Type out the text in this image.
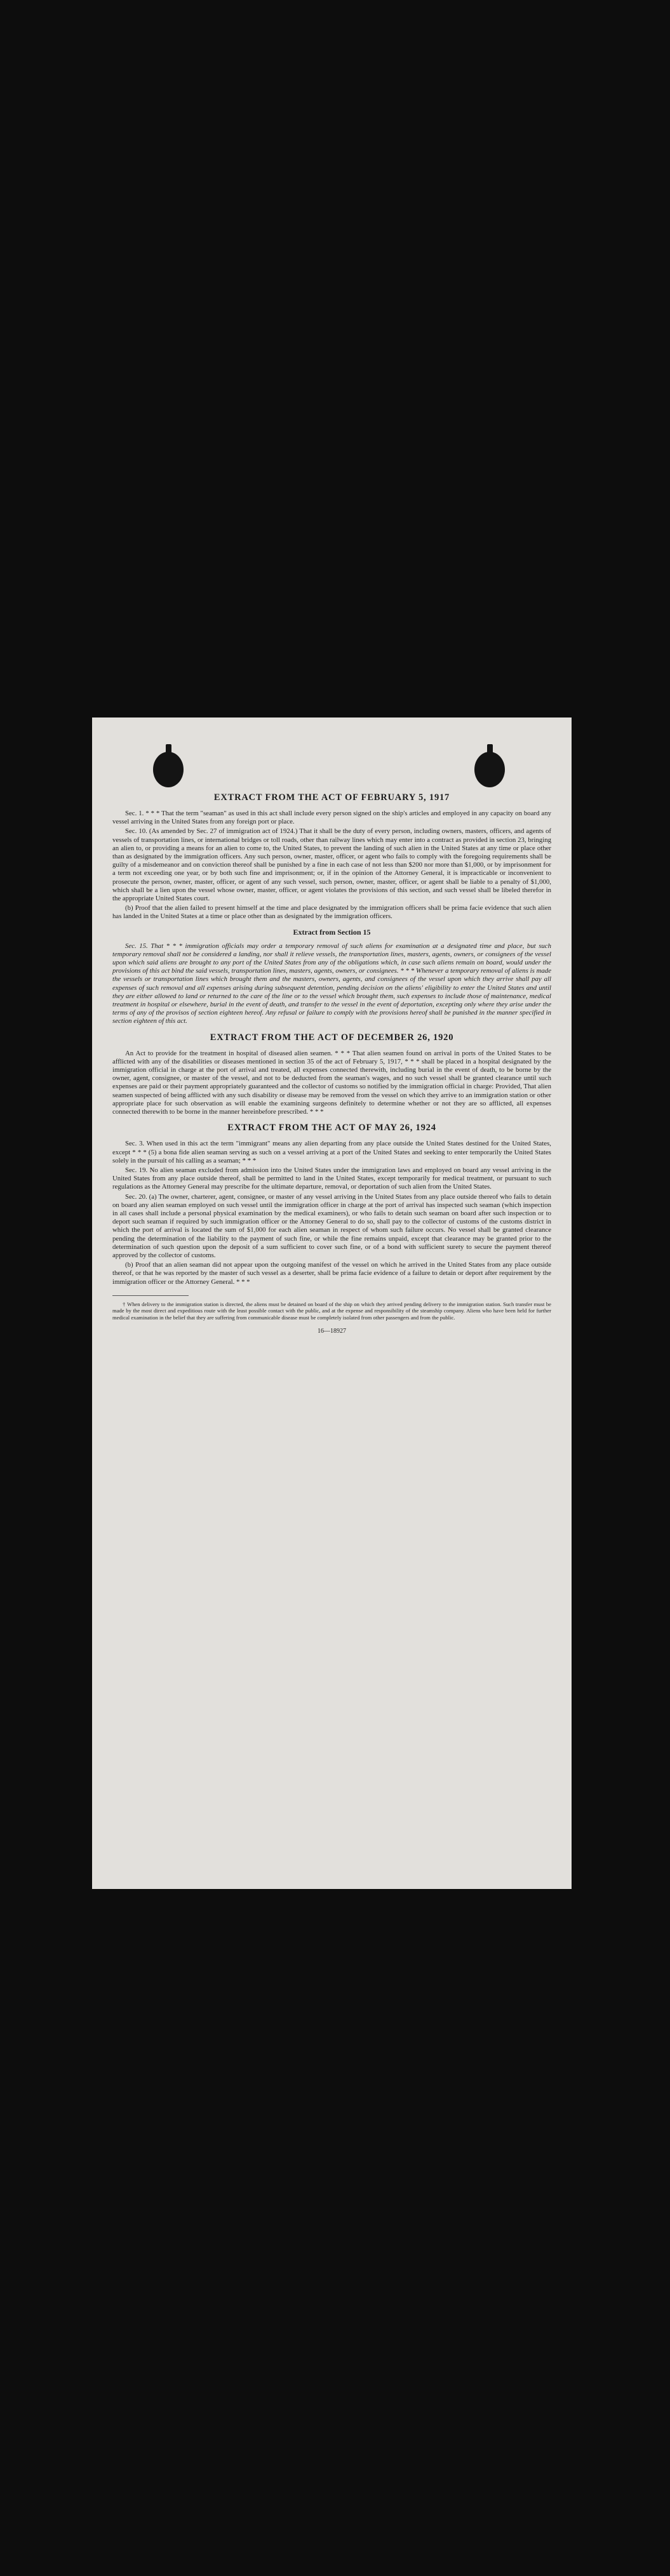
EXTRACT FROM THE ACT OF FEBRUARY 5, 1917

Sec. 1. * * * That the term "seaman" as used in this act shall include every person signed on the ship's articles and employed in any capacity on board any vessel arriving in the United States from any foreign port or place.

Sec. 10. (As amended by Sec. 27 of immigration act of 1924.) That it shall be the duty of every person, including owners, masters, officers, and agents of vessels of transportation lines, or international bridges or toll roads, other than railway lines which may enter into a contract as provided in section 23, bringing an alien to, or providing a means for an alien to come to, the United States, to prevent the landing of such alien in the United States at any time or place other than as designated by the immigration officers. Any such person, owner, master, officer, or agent who fails to comply with the foregoing requirements shall be guilty of a misdemeanor and on conviction thereof shall be punished by a fine in each case of not less than $200 nor more than $1,000, or by imprisonment for a term not exceeding one year, or by both such fine and imprisonment; or, if in the opinion of the Attorney General, it is impracticable or inconvenient to prosecute the person, owner, master, officer, or agent of any such vessel, such person, owner, master, officer, or agent shall be liable to a penalty of $1,000, which shall be a lien upon the vessel whose owner, master, officer, or agent violates the provisions of this section, and such vessel shall be libeled therefor in the appropriate United States court.

(b) Proof that the alien failed to present himself at the time and place designated by the immigration officers shall be prima facie evidence that such alien has landed in the United States at a time or place other than as designated by the immigration officers.

Extract from Section 15

Sec. 15. That * * * immigration officials may order a temporary removal of such aliens for examination at a designated time and place, but such temporary removal shall not be considered a landing, nor shall it relieve vessels, the transportation lines, masters, agents, owners, or consignees of the vessel upon which said aliens are brought to any port of the United States from any of the obligations which, in case such aliens remain on board, would under the provisions of this act bind the said vessels, transportation lines, masters, agents, owners, or consignees. * * * Whenever a temporary removal of aliens is made the vessels or transportation lines which brought them and the masters, owners, agents, and consignees of the vessel upon which they arrive shall pay all expenses of such removal and all expenses arising during subsequent detention, pending decision on the aliens' eligibility to enter the United States and until they are either allowed to land or returned to the care of the line or to the vessel which brought them, such expenses to include those of maintenance, medical treatment in hospital or elsewhere, burial in the event of death, and transfer to the vessel in the event of deportation, excepting only where they arise under the terms of any of the provisos of section eighteen hereof. Any refusal or failure to comply with the provisions hereof shall be punished in the manner specified in section eighteen of this act.

EXTRACT FROM THE ACT OF DECEMBER 26, 1920

An Act to provide for the treatment in hospital of diseased alien seamen. * * * That alien seamen found on arrival in ports of the United States to be afflicted with any of the disabilities or diseases mentioned in section 35 of the act of February 5, 1917, * * * shall be placed in a hospital designated by the immigration official in charge at the port of arrival and treated, all expenses connected therewith, including burial in the event of death, to be borne by the owner, agent, consignee, or master of the vessel, and not to be deducted from the seaman's wages, and no such vessel shall be granted clearance until such expenses are paid or their payment appropriately guaranteed and the collector of customs so notified by the immigration official in charge: Provided, That alien seamen suspected of being afflicted with any such disability or disease may be removed from the vessel on which they arrive to an immigration station or other appropriate place for such observation as will enable the examining surgeons definitely to determine whether or not they are so afflicted, all expenses connected therewith to be borne in the manner hereinbefore prescribed. * * *

EXTRACT FROM THE ACT OF MAY 26, 1924

Sec. 3. When used in this act the term "immigrant" means any alien departing from any place outside the United States destined for the United States, except * * * (5) a bona fide alien seaman serving as such on a vessel arriving at a port of the United States and seeking to enter temporarily the United States solely in the pursuit of his calling as a seaman; * * *

Sec. 19. No alien seaman excluded from admission into the United States under the immigration laws and employed on board any vessel arriving in the United States from any place outside thereof, shall be permitted to land in the United States, except temporarily for medical treatment, or pursuant to such regulations as the Attorney General may prescribe for the ultimate departure, removal, or deportation of such alien from the United States.

Sec. 20. (a) The owner, charterer, agent, consignee, or master of any vessel arriving in the United States from any place outside thereof who fails to detain on board any alien seaman employed on such vessel until the immigration officer in charge at the port of arrival has inspected such seaman (which inspection in all cases shall include a personal physical examination by the medical examiners), or who fails to detain such seaman on board after such inspection or to deport such seaman if required by such immigration officer or the Attorney General to do so, shall pay to the collector of customs of the customs district in which the port of arrival is located the sum of $1,000 for each alien seaman in respect of whom such failure occurs. No vessel shall be granted clearance pending the determination of the liability to the payment of such fine, or while the fine remains unpaid, except that clearance may be granted prior to the determination of such question upon the deposit of a sum sufficient to cover such fine, or of a bond with sufficient surety to secure the payment thereof approved by the collector of customs.

(b) Proof that an alien seaman did not appear upon the outgoing manifest of the vessel on which he arrived in the United States from any place outside thereof, or that he was reported by the master of such vessel as a deserter, shall be prima facie evidence of a failure to detain or deport after requirement by the immigration officer or the Attorney General. * * *

† When delivery to the immigration station is directed, the aliens must be detained on board of the ship on which they arrived pending delivery to the immigration station. Such transfer must be made by the most direct and expeditious route with the least possible contact with the public, and at the expense and responsibility of the steamship company. Aliens who have been held for further medical examination in the belief that they are suffering from communicable disease must be completely isolated from other passengers and from the public.

16—18927
